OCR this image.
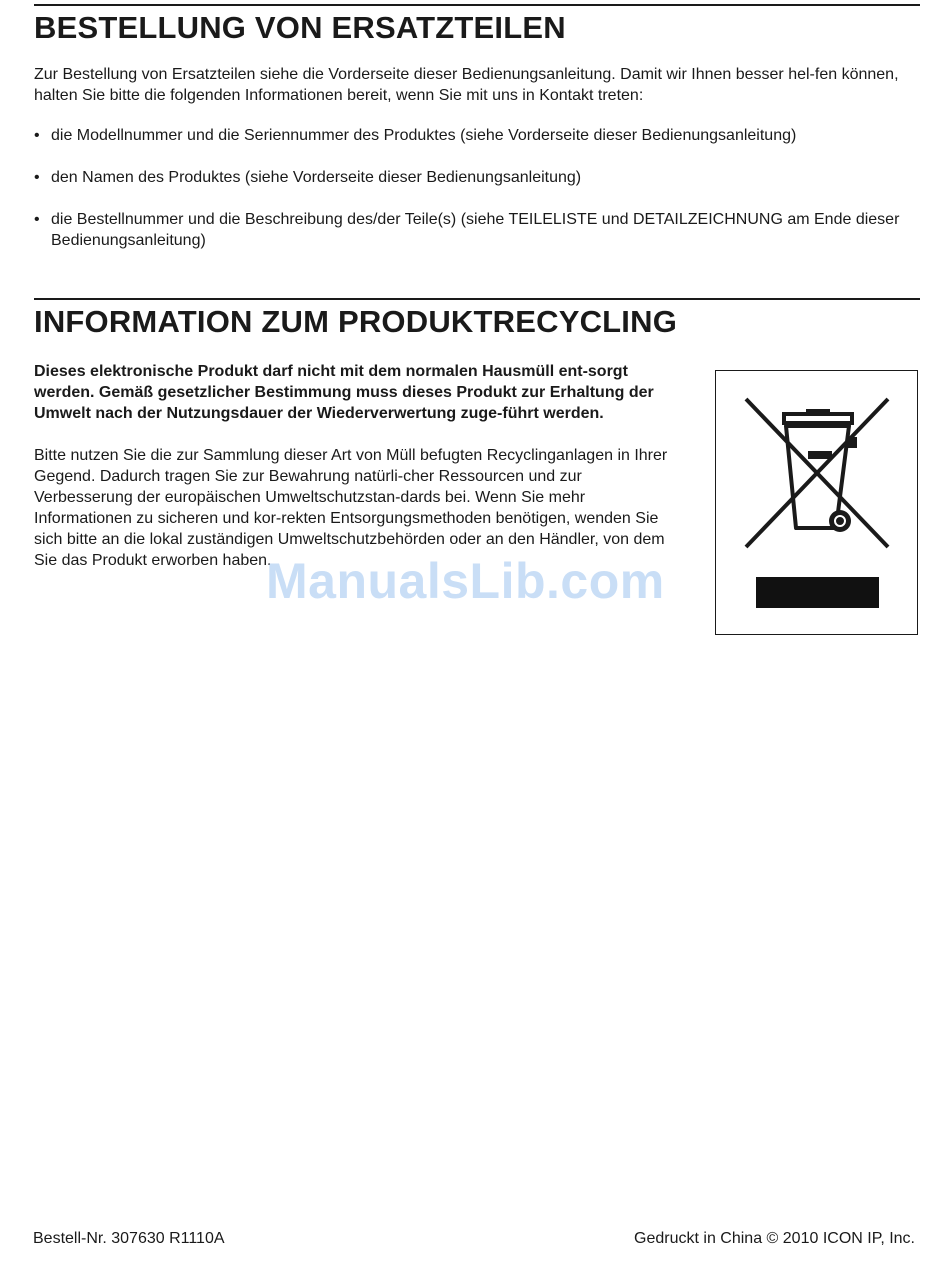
BESTELLUNG VON ERSATZTEILEN

Zur Bestellung von Ersatzteilen siehe die Vorderseite dieser Bedienungsanleitung. Damit wir Ihnen besser hel-fen können, halten Sie bitte die folgenden Informationen bereit, wenn Sie mit uns in Kontakt treten:

• die Modellnummer und die Seriennummer des Produktes (siehe Vorderseite dieser Bedienungsanleitung)
• den Namen des Produktes (siehe Vorderseite dieser Bedienungsanleitung)
• die Bestellnummer und die Beschreibung des/der Teile(s) (siehe TEILELISTE und DETAILZEICHNUNG am Ende dieser Bedienungsanleitung)
INFORMATION ZUM PRODUKTRECYCLING

Dieses elektronische Produkt darf nicht mit dem normalen Hausmüll ent-sorgt werden. Gemäß gesetzlicher Bestimmung muss dieses Produkt zur Erhaltung der Umwelt nach der Nutzungsdauer der Wiederverwertung zuge-führt werden.

Bitte nutzen Sie die zur Sammlung dieser Art von Müll befugten Recyclinganlagen in Ihrer Gegend. Dadurch tragen Sie zur Bewahrung natürli-cher Ressourcen und zur Verbesserung der europäischen Umweltschutzstan-dards bei. Wenn Sie mehr Informationen zu sicheren und kor-rekten Entsorgungsmethoden benötigen, wenden Sie sich bitte an die lokal zuständigen Umweltschutzbehörden oder an den Händler, von dem Sie das Produkt erworben haben.

ManualsLib.com
Bestell-Nr. 307630 R1110A	Gedruckt in China © 2010 ICON IP, Inc.
